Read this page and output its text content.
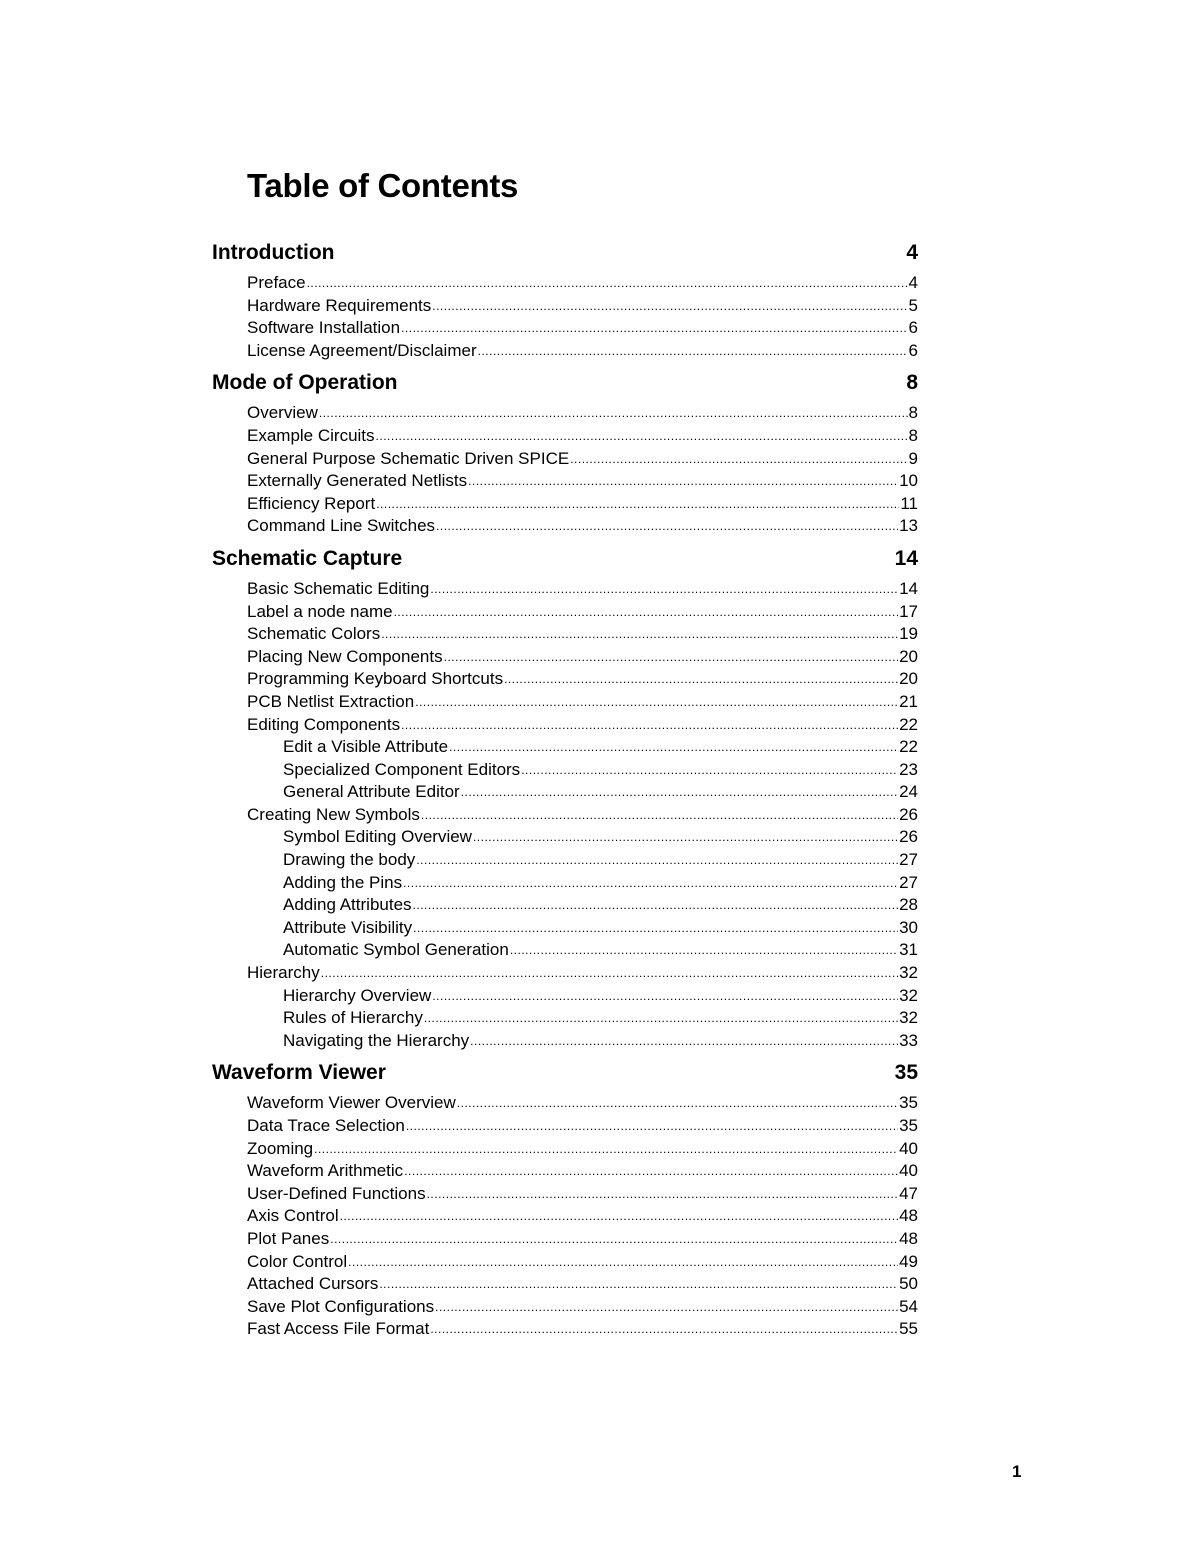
Table of Contents
Introduction	4
Preface .....	4
Hardware Requirements .....	5
Software Installation .....	6
License Agreement/Disclaimer .....	6
Mode of Operation	8
Overview .....	8
Example Circuits .....	8
General Purpose Schematic Driven SPICE .....	9
Externally Generated Netlists .....	10
Efficiency Report .....	11
Command Line Switches .....	13
Schematic Capture	14
Basic Schematic Editing .....	14
Label a node name .....	17
Schematic Colors .....	19
Placing New Components .....	20
Programming Keyboard Shortcuts .....	20
PCB Netlist Extraction .....	21
Editing Components .....	22
Edit a Visible Attribute .....	22
Specialized Component Editors .....	23
General Attribute Editor .....	24
Creating New Symbols .....	26
Symbol Editing Overview .....	26
Drawing the body .....	27
Adding the Pins .....	27
Adding Attributes .....	28
Attribute Visibility .....	30
Automatic Symbol Generation .....	31
Hierarchy .....	32
Hierarchy Overview .....	32
Rules of Hierarchy .....	32
Navigating the Hierarchy .....	33
Waveform Viewer	35
Waveform Viewer Overview .....	35
Data Trace Selection .....	35
Zooming .....	40
Waveform Arithmetic .....	40
User-Defined Functions .....	47
Axis Control .....	48
Plot Panes .....	48
Color Control .....	49
Attached Cursors .....	50
Save Plot Configurations .....	54
Fast Access File Format .....	55
1
